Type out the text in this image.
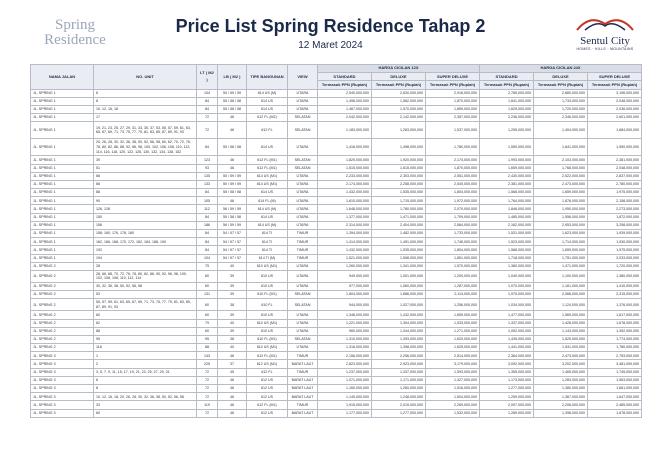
Spring
Residence
Price List Spring Residence Tahap 2
12 Maret 2024	Sentul City
HOMES · HILLS · MOUNTAINS
NAMA JALAN	NO. UNIT	LT ( M2 )	LB ( M2 )	TIPE BANGUNAN	VIEW	HARGA CICILAN 12X			HARGA CICILAN 24X		
						STANDARD	DELUXE	SUPER DELUXE	STANDARD	DELUXE	SUPER DELUXE
						Termasuk PPN (Rupiah)	Termasuk PPN (Rupiah)	Termasuk PPN (Rupiah)	Termasuk PPN (Rupiah)	Termasuk PPN (Rupiah)	Termasuk PPN (Rupiah)
JL. SPRING 1	6	104	50 / 59 / 59	614 US (M)	UTARA	2,540,000,000	2,630,000,000	2,918,000,000	2,785,000,000	2,880,000,000	3,196,000,000
JL. SPRING 1	8	84	55 / 58 / 58	614 US	UTARA	1,496,000,000	1,582,000,000	1,870,000,000	1,641,000,000	1,733,000,000	2,048,000,000
JL. SPRING 1	10, 12, 16, 18	84	55 / 58 / 58	614 US	UTARA	1,467,000,000	1,570,000,000	1,859,000,000	1,629,000,000	1,720,000,000	2,036,000,000
JL. SPRING 1	17	72	46	612 FL (M2)	SELATAN	2,042,000,000	2,142,000,000	2,357,000,000	2,236,000,000	2,346,000,000	2,601,000,000
JL. SPRING 1	19, 21, 23, 25, 27, 29, 31, 33, 35, 37, 53, 55, 57, 59, 61, 63, 65, 67, 69, 71, 73, 75, 77, 79, 81, 83, 85, 87, 89, 91, 93	72	46	612 FL	SELATAN	1,183,000,000	1,283,000,000	1,537,000,000	1,295,000,000	1,404,000,000	1,684,000,000
JL. SPRING 1	20, 26, 28, 30, 32, 36, 38, 50, 52, 56, 58, 60, 62, 70, 72, 76, 78, 80, 82, 86, 88, 92, 96, 98, 100, 102, 106, 108, 110, 112, 114, 116, 118, 120, 122, 126, 130, 132, 134, 138, 152	84	55 / 58 / 58	614 US	UTARA	1,416,000,000	1,498,000,000	1,780,000,000	1,550,000,000	1,641,000,000	1,950,000,000
JL. SPRING 1	39	123	46	612 FL (M1)	SELATAN	1,820,000,000	1,920,000,000	2,174,000,000	1,993,000,000	2,103,000,000	2,381,000,000
JL. SPRING 1	51	93	46	612 FL (M1)	SELATAN	1,515,000,000	1,615,000,000	1,870,000,000	1,659,000,000	1,768,000,000	2,048,000,000
JL. SPRING 1	66	135	50 / 59 / 59	614 US (M1)	UTARA	2,233,000,000	2,303,000,000	2,551,000,000	2,430,000,000	2,522,000,000	2,837,000,000
JL. SPRING 1	68	133	50 / 59 / 59	614 US (M1)	UTARA	2,174,000,000	2,258,000,000	2,540,000,000	2,381,000,000	2,473,000,000	2,780,000,000
JL. SPRING 1	88	84	55 / 58 / 58	614 US	UTARA	1,432,000,000	1,535,000,000	1,804,000,000	1,568,000,000	1,659,000,000	1,975,000,000
JL. SPRING 1	90	105	46	614 FL (M)	UTARA	1,610,000,000	1,715,000,000	1,972,000,000	1,764,000,000	1,878,000,000	2,158,000,000
JL. SPRING 1	126, 128	112	56 / 59 / 59	614 US (M)	UTARA	1,648,000,000	1,780,000,000	2,070,000,000	1,846,000,000	1,950,000,000	2,273,000,000
JL. SPRING 1	150	84	55 / 58 / 58	614 US	UTARA	1,377,000,000	1,471,000,000	1,709,000,000	1,485,000,000	1,556,000,000	1,872,000,000
JL. SPRING 1	156	186	56 / 59 / 59	614 US (M)	UTARA	2,314,000,000	2,404,000,000	2,584,000,000	2,162,000,000	2,953,000,000	3,258,000,000
JL. SPRING 1	158, 160, 176, 178, 180	84	54 / 57 / 57	614 TI	TIMUR	1,394,000,000	1,482,000,000	1,733,000,000	1,531,000,000	1,623,000,000	1,939,000,000
JL. SPRING 1	162, 166, 168, 170, 172, 182, 184, 188, 190	84	54 / 57 / 57	614 TI	TIMUR	1,414,000,000	1,491,000,000	1,746,000,000	1,523,000,000	1,714,000,000	1,930,000,000
JL. SPRING 1	192	84	54 / 57 / 57	614 TI	TIMUR	1,432,000,000	1,535,000,000	1,804,000,000	1,568,000,000	1,659,000,000	1,975,000,000
JL. SPRING 1	194	104	54 / 57 / 57	614 TI (M)	TIMUR	1,521,000,000	1,598,000,000	1,851,000,000	1,718,000,000	1,751,000,000	2,033,000,000
JL. SPRING 2	28	75	40	610 US (M1)	UTARA	1,260,000,000	1,341,000,000	1,570,000,000	1,380,000,000	1,471,000,000	1,720,000,000
JL. SPRING 2	28, 66, 68, 70, 72, 76, 78, 80, 82, 86, 90, 92, 96, 98, 100, 102, 106, 108, 110, 112, 114	60	39	610 US	UTARA	949,000,000	1,001,000,000	1,200,000,000	1,040,000,000	1,100,000,000	1,380,000,000
JL. SPRING 2	30, 32, 36, 38, 50, 52, 56, 58	60	39	610 US	UTARA	977,000,000	1,060,000,000	1,287,000,000	1,070,000,000	1,161,000,000	1,410,000,000
JL. SPRING 2	53	131	39	610 FL (M1)	SELATAN	1,804,000,000	1,886,000,000	2,114,000,000	1,975,000,000	2,066,000,000	2,315,000,000
JL. SPRING 2	55, 57, 59, 61, 63, 65, 67, 69, 71, 73, 75, 77, 79, 81, 83, 85, 87, 89, 91, 93	60	38	610 FL	SELATAN	944,000,000	1,027,000,000	1,256,000,000	1,034,000,000	1,124,000,000	1,376,000,000
JL. SPRING 2	60	60	39	610 US	UTARA	1,348,000,000	1,432,000,000	1,659,000,000	1,477,000,000	1,569,000,000	1,817,000,000
JL. SPRING 2	62	79	40	610 US (M1)	UTARA	1,221,000,000	1,304,000,000	1,533,000,000	1,337,000,000	1,428,000,000	1,678,000,000
JL. SPRING 2	88	60	39	610 US	UTARA	960,000,000	1,044,000,000	1,271,000,000	1,052,000,000	1,143,000,000	1,392,000,000
JL. SPRING 2	95	95	38	610 FL (M1)	SELATAN	1,310,000,000	1,393,000,000	1,620,000,000	1,435,000,000	1,525,000,000	1,774,000,000
JL. SPRING 2	118	88	40	610 US (M1)	UTARA	1,316,000,000	1,398,000,000	1,625,000,000	1,441,000,000	1,531,000,000	1,780,000,000
JL. SPRING 3	1	143	46	612 FL (M1)	TIMUR	2,156,000,000	2,256,000,000	2,514,000,000	2,364,000,000	2,473,000,000	2,753,000,000
JL. SPRING 3	2	225	37	612 US (M1)	BARAT LAUT	2,823,000,000	2,923,000,000	3,179,000,000	3,092,000,000	3,202,000,000	3,481,000,000
JL. SPRING 3	3, 5, 7, 9, 11, 15, 17, 19, 21, 23, 25, 27, 29, 31	72	45	612 FL	TIMUR	1,237,000,000	1,337,000,000	1,593,000,000	1,355,000,000	1,465,000,000	1,745,000,000
JL. SPRING 3	6	72	46	612 US	BARAT LAUT	1,071,000,000	1,171,000,000	1,427,000,000	1,173,000,000	1,283,000,000	1,563,000,000
JL. SPRING 3	8	72	46	612 US	BARAT LAUT	1,160,000,000	1,260,000,000	1,516,000,000	1,277,000,000	1,380,000,000	1,661,000,000
JL. SPRING 3	10, 12, 16, 18, 20, 26, 28, 30, 32, 36, 38, 50, 52, 56, 58	72	46	612 US	BARAT LAUT	1,149,000,000	1,248,000,000	1,504,000,000	1,259,000,000	1,367,000,000	1,647,000,000
JL. SPRING 3	33	119	46	612 FL (M1)	TIMUR	1,915,000,000	2,015,000,000	2,269,000,000	2,097,000,000	2,206,000,000	2,485,000,000
JL. SPRING 3	60	72	46	612 US	BARAT LAUT	1,177,000,000	1,277,000,000	1,532,000,000	1,289,000,000	1,398,000,000	1,678,000,000
